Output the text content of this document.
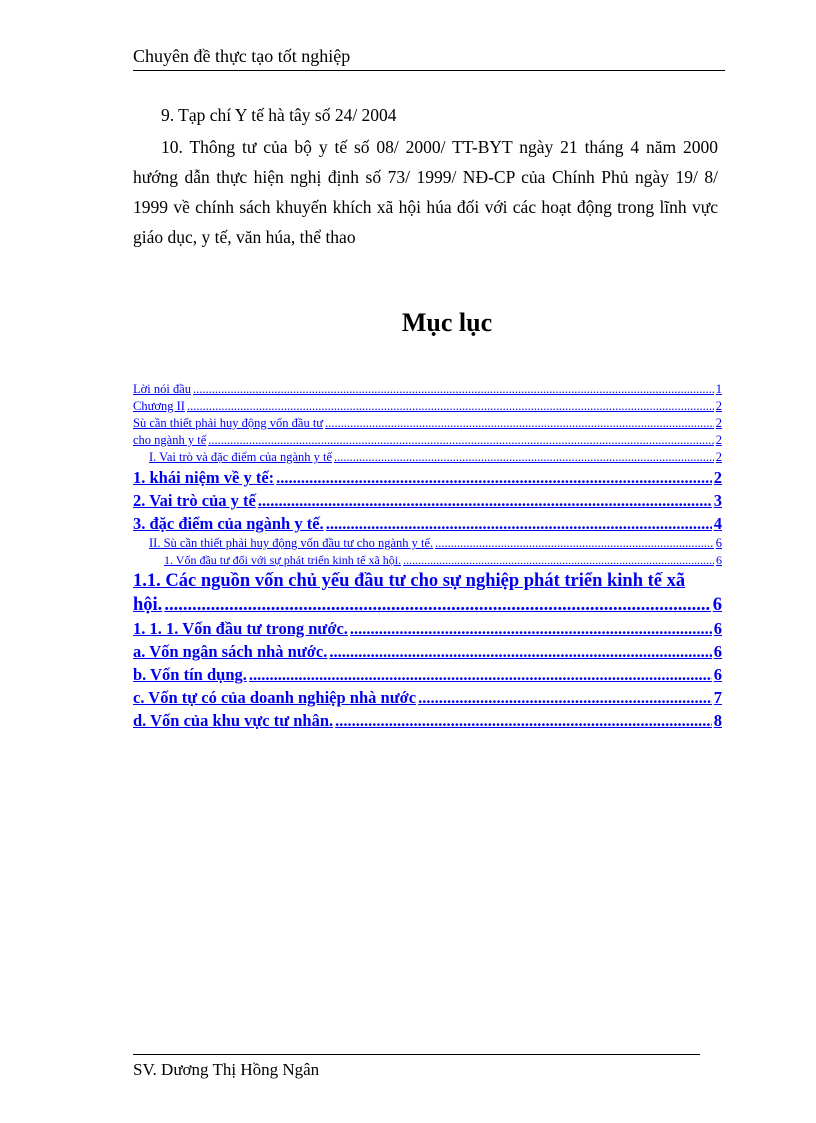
Chuyên đề thực tạo tốt nghiệp
9. Tạp chí Y tế hà tây số 24/ 2004
10. Thông tư của bộ y tế số 08/ 2000/ TT-BYT ngày 21 tháng 4 năm 2000 hướng dẫn thực hiện nghị định số 73/ 1999/ NĐ-CP của Chính Phủ ngày 19/ 8/ 1999 về chính sách khuyến khích xã hội húa đối với các hoạt động trong lĩnh vực giáo dục, y tế, văn húa, thể thao
Mục lục
Lời nói đầu .....	1
Chương II .....	2
Sù cần thiết phải huy động vốn đầu tư .....	2
cho ngành y tế .....	2
I. Vai trò và đặc điểm của ngành y tế .....	2
1. khái niệm về y tế: .....	2
2. Vai trò của y tế .....	3
3. đặc điểm của ngành y tế. .....	4
II. Sù cần thiết phải huy động vốn đầu tư cho ngành y tế. .....	6
1. Vốn đầu tư đối với sự phát triển kinh tế xã hội. .....	6
1.1. Các nguồn vốn chủ yếu đầu tư cho sự nghiệp phát triển kinh tế xã
hội. .....	6
1. 1. 1. Vốn đầu tư trong nước. .....	6
a. Vốn ngân sách nhà nước. .....	6
b. Vốn tín dụng. .....	6
c. Vốn tự có của doanh nghiệp nhà nước .....	7
d. Vốn của khu vực tư nhân. .....	8
SV. Dương Thị Hồng Ngân
